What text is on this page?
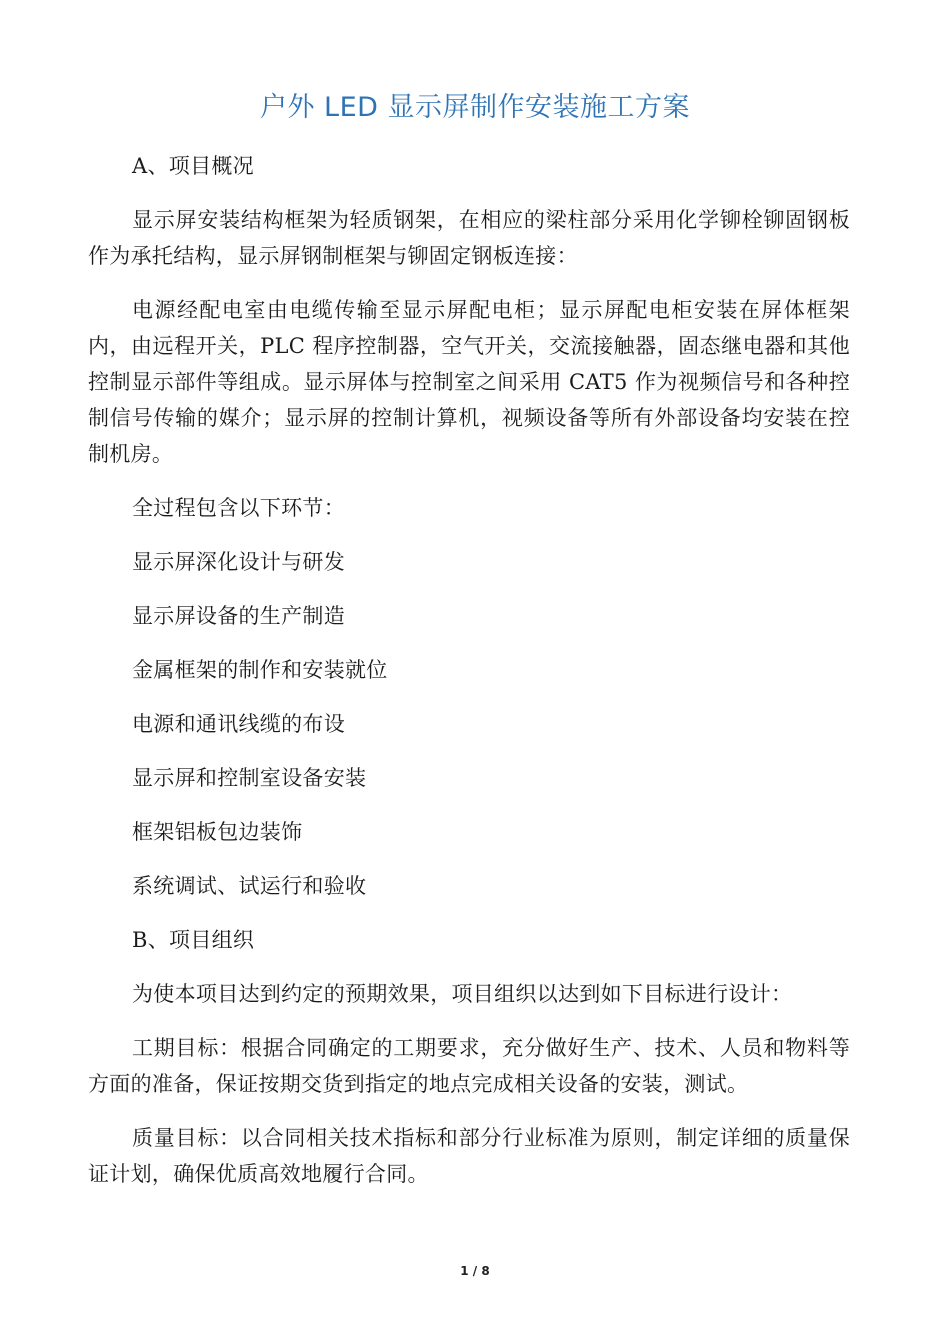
户外 LED 显示屏制作安装施工方案

A、项目概况

显示屏安装结构框架为轻质钢架，在相应的梁柱部分采用化学铆栓铆固钢板作为承托结构，显示屏钢制框架与铆固定钢板连接：

电源经配电室由电缆传输至显示屏配电柜；显示屏配电柜安装在屏体框架内，由远程开关，PLC 程序控制器，空气开关，交流接触器，固态继电器和其他控制显示部件等组成。显示屏体与控制室之间采用 CAT5 作为视频信号和各种控制信号传输的媒介；显示屏的控制计算机，视频设备等所有外部设备均安装在控制机房。

全过程包含以下环节：

显示屏深化设计与研发

显示屏设备的生产制造

金属框架的制作和安装就位

电源和通讯线缆的布设

显示屏和控制室设备安装

框架铝板包边装饰

系统调试、试运行和验收

B、项目组织

为使本项目达到约定的预期效果，项目组织以达到如下目标进行设计：

工期目标：根据合同确定的工期要求，充分做好生产、技术、人员和物料等方面的准备，保证按期交货到指定的地点完成相关设备的安装，测试。

质量目标：以合同相关技术指标和部分行业标准为原则，制定详细的质量保证计划，确保优质高效地履行合同。

1 / 8
